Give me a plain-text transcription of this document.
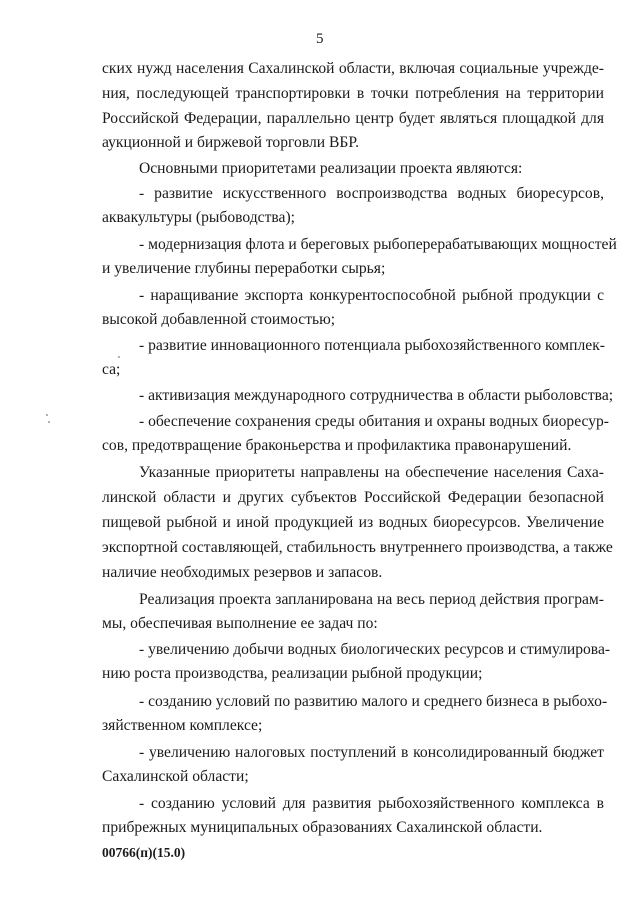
5
ских нужд населения Сахалинской области, включая социальные учрежде-
ния, последующей транспортировки в точки потребления на территории
Российской Федерации, параллельно центр будет являться площадкой для
аукционной и биржевой торговли ВБР.
Основными приоритетами реализации проекта являются:
- развитие искусственного воспроизводства водных биоресурсов,
аквакультуры (рыбоводства);
- модернизация флота и береговых рыбоперерабатывающих мощностей
и увеличение глубины переработки сырья;
- наращивание экспорта конкурентоспособной рыбной продукции с
высокой добавленной стоимостью;
- развитие инновационного потенциала рыбохозяйственного комплек-
са;
- активизация международного сотрудничества в области рыболовства;
- обеспечение сохранения среды обитания и охраны водных биоресур-
сов, предотвращение браконьерства и профилактика правонарушений.
Указанные приоритеты направлены на обеспечение населения Саха-
линской области и других субъектов Российской Федерации безопасной
пищевой рыбной и иной продукцией из водных биоресурсов. Увеличение
экспортной составляющей, стабильность внутреннего производства, а также
наличие необходимых резервов и запасов.
Реализация проекта запланирована на весь период действия програм-
мы, обеспечивая выполнение ее задач по:
- увеличению добычи водных биологических ресурсов и стимулирова-
нию роста производства, реализации рыбной продукции;
- созданию условий по развитию малого и среднего бизнеса в рыбохо-
зяйственном комплексе;
- увеличению налоговых поступлений в консолидированный бюджет
Сахалинской области;
- созданию условий для развития рыбохозяйственного комплекса в
прибрежных муниципальных образованиях Сахалинской области.
00766(п)(15.0)
